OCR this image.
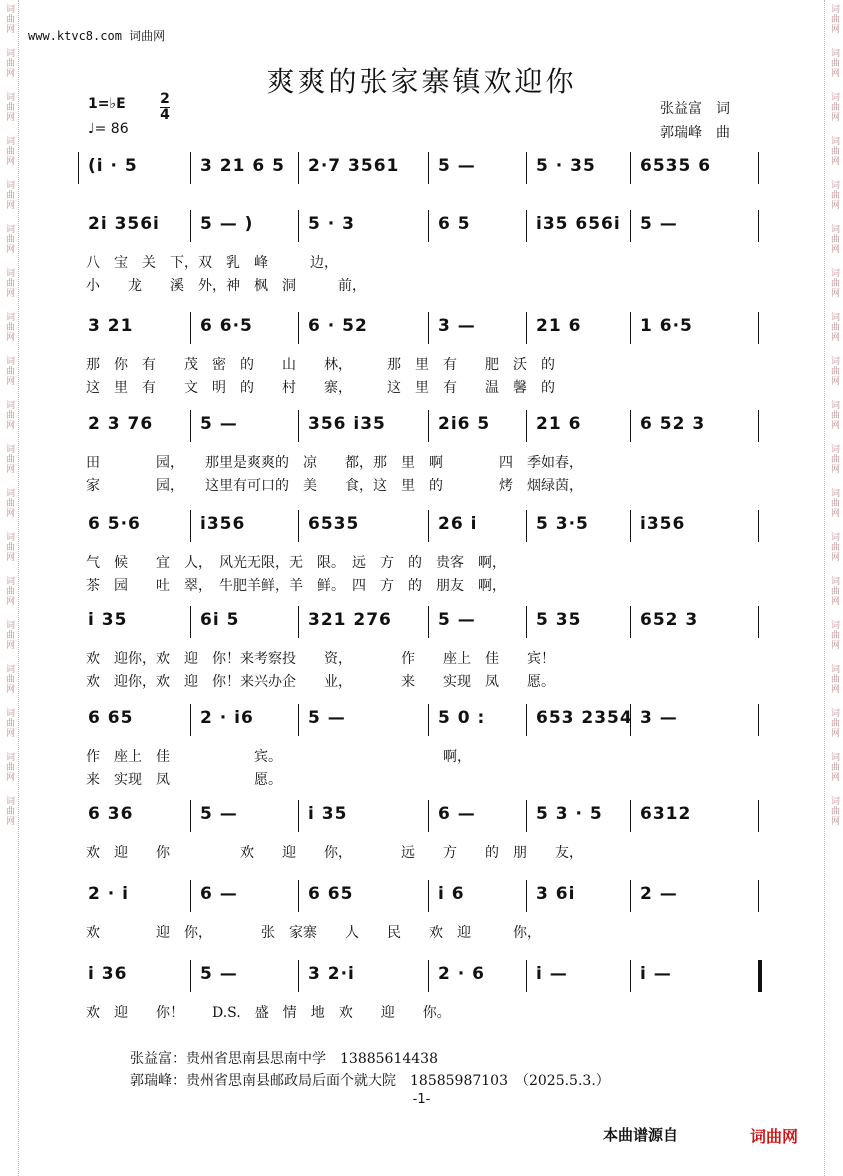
词曲网
词曲网
词曲网
词曲网
词曲网
词曲网
词曲网
词曲网
词曲网
词曲网
词曲网
词曲网
词曲网
词曲网
词曲网
词曲网
词曲网
词曲网
词曲网
词曲网
词曲网
词曲网
词曲网
词曲网
词曲网
词曲网
词曲网
词曲网
词曲网
词曲网
词曲网
词曲网
词曲网
词曲网
词曲网
词曲网
词曲网
词曲网
www.ktvc8.com 词曲网
爽爽的张家寨镇欢迎你
1=♭E
♩= 86
2
4	张益富　词
郭瑞峰　曲
(i · 5	3 21 6 5 2·7 3561 5 —	5 · 35	6535 6
2i 356i 5 — )	5 · 3	6 5	i35 656i 5 —
八　宝　关　下，双　乳　峰　　　边，
小　　龙　　溪　外，神　枫　洞　　　前，
3 21	6 6·5	6 · 52	3 —	21 6	1 6·5
那　你　有　　茂　密　的　　山　　林，　　　那　里　有　　肥　沃　的
这　里　有　　文　明　的　　村　　寨，　　　这　里　有　　温　馨　的
2 3 76	5 —	356 i35	2i6 5	21 6	6 52 3
田　　　　园，　　那里是爽爽的　凉　　都，那　里　啊　　　　四　季如春，
家　　　　园，　　这里有可口的　美　　食，这　里　的　　　　烤　烟绿茵，
6 5·6	i356	6535	26 i	5 3·5	i356
气　候　　宜　人，　风光无限，无　限。　远　方　的　贵客　啊，
茶　园　　吐　翠，　牛肥羊鲜，羊　鲜。　四　方　的　朋友　啊，
i 35	6i 5	321 276	5 —	5 35	652 3
欢　迎你，欢　迎　你！来考察投　　资，　　　　作　　座上　佳　　宾！
欢　迎你，欢　迎　你！来兴办企　　业，　　　　来　　实现　凤　　愿。
6 65	2 · i6	5 —	5 0 :	653 2354 3 —
作　座上　佳　　　　　　宾。　　　　　　　　　　　　啊，
来　实现　凤　　　　　　愿。
6 36	5 —	i 35	6 —	5 3 · 5 6312
欢　迎　　你　　　　　欢　　迎　　你，　　　　远　　方　　的　朋　　友，
2 · i	6 —	6 65	i 6	3 6i	2 —
欢　　　　迎　你，　　　　张　家寨　　人　　民　　欢　迎　　　你，
i 36	5 —	3 2·i	2 · 6	i —	i —
欢　迎　　你！　　D.S.　盛　情　地　欢　　迎　　你。
张益富：贵州省思南县思南中学　13885614438
郭瑞峰：贵州省思南县邮政局后面个就大院　18585987103　（2025.5.3.）
-1-
本曲谱源自	词曲网
